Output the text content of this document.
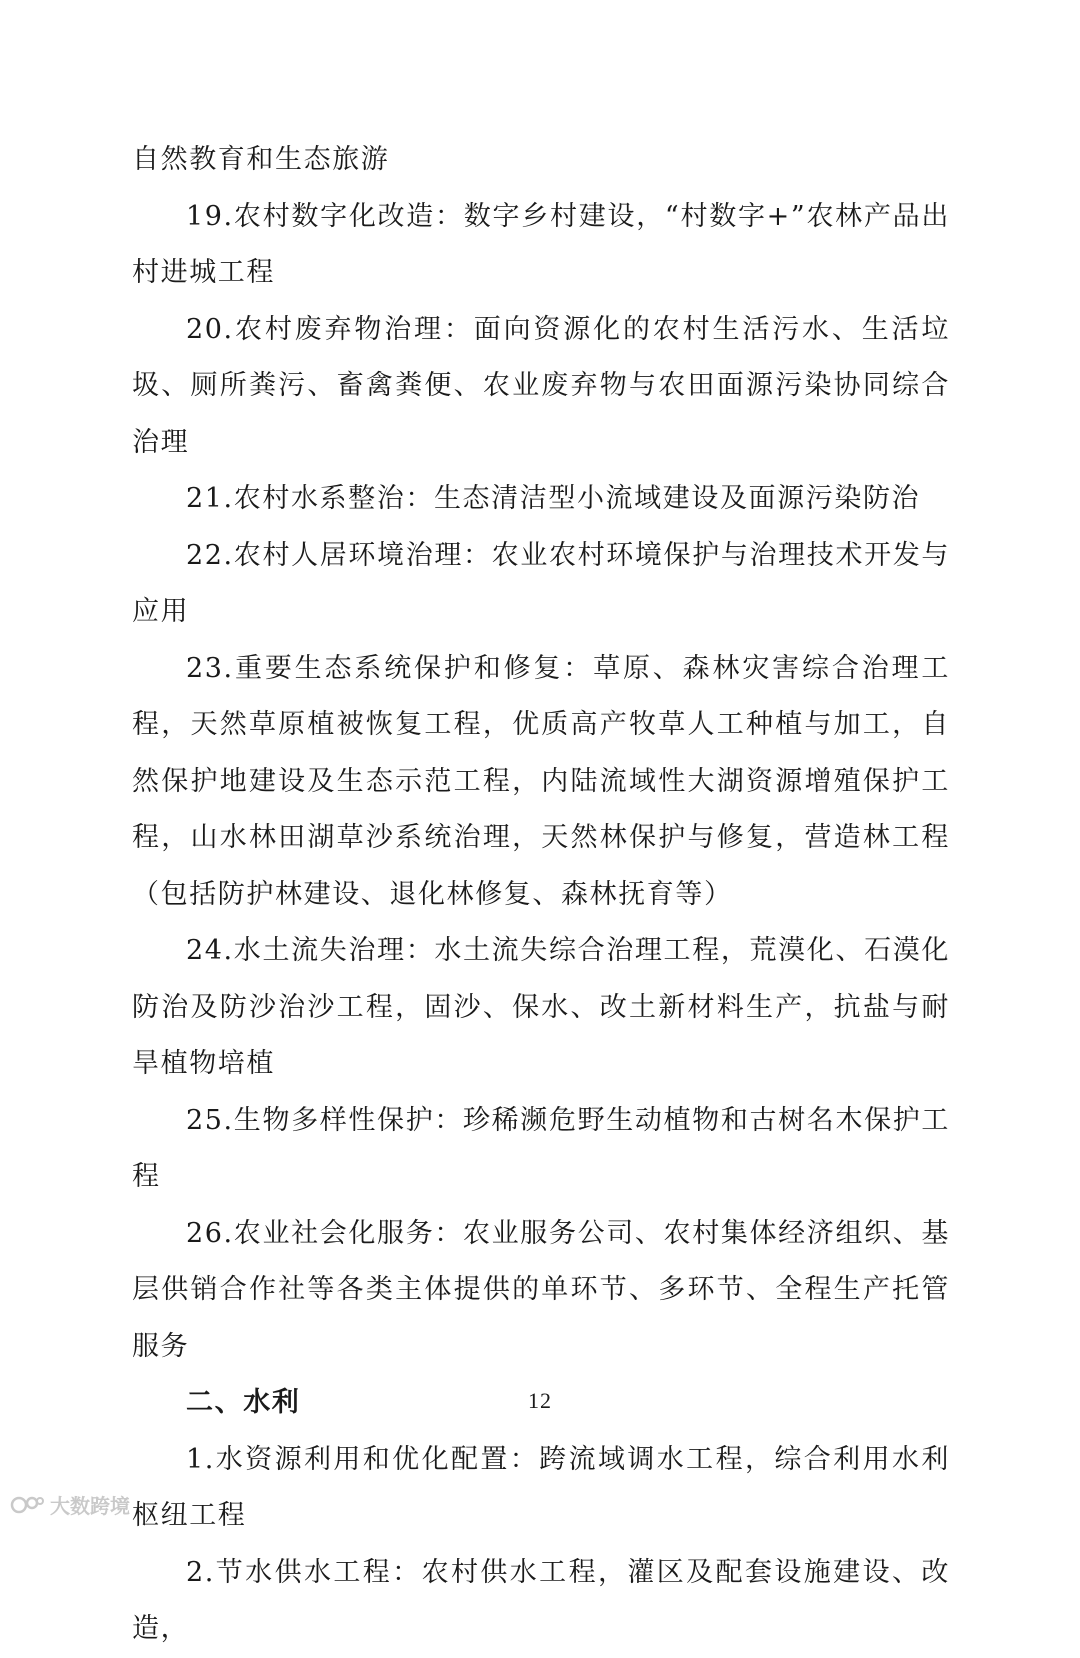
自然教育和生态旅游

19.农村数字化改造：数字乡村建设，“村数字+”农林产品出村进城工程

20.农村废弃物治理：面向资源化的农村生活污水、生活垃圾、厕所粪污、畜禽粪便、农业废弃物与农田面源污染协同综合治理

21.农村水系整治：生态清洁型小流域建设及面源污染防治

22.农村人居环境治理：农业农村环境保护与治理技术开发与应用

23.重要生态系统保护和修复：草原、森林灾害综合治理工程，天然草原植被恢复工程，优质高产牧草人工种植与加工，自然保护地建设及生态示范工程，内陆流域性大湖资源增殖保护工程，山水林田湖草沙系统治理，天然林保护与修复，营造林工程（包括防护林建设、退化林修复、森林抚育等）

24.水土流失治理：水土流失综合治理工程，荒漠化、石漠化防治及防沙治沙工程，固沙、保水、改土新材料生产，抗盐与耐旱植物培植

25.生物多样性保护：珍稀濒危野生动植物和古树名木保护工程

26.农业社会化服务：农业服务公司、农村集体经济组织、基层供销合作社等各类主体提供的单环节、多环节、全程生产托管服务

二、水利

1.水资源利用和优化配置：跨流域调水工程，综合利用水利枢纽工程

2.节水供水工程：农村供水工程，灌区及配套设施建设、改造，

12
大数跨境
